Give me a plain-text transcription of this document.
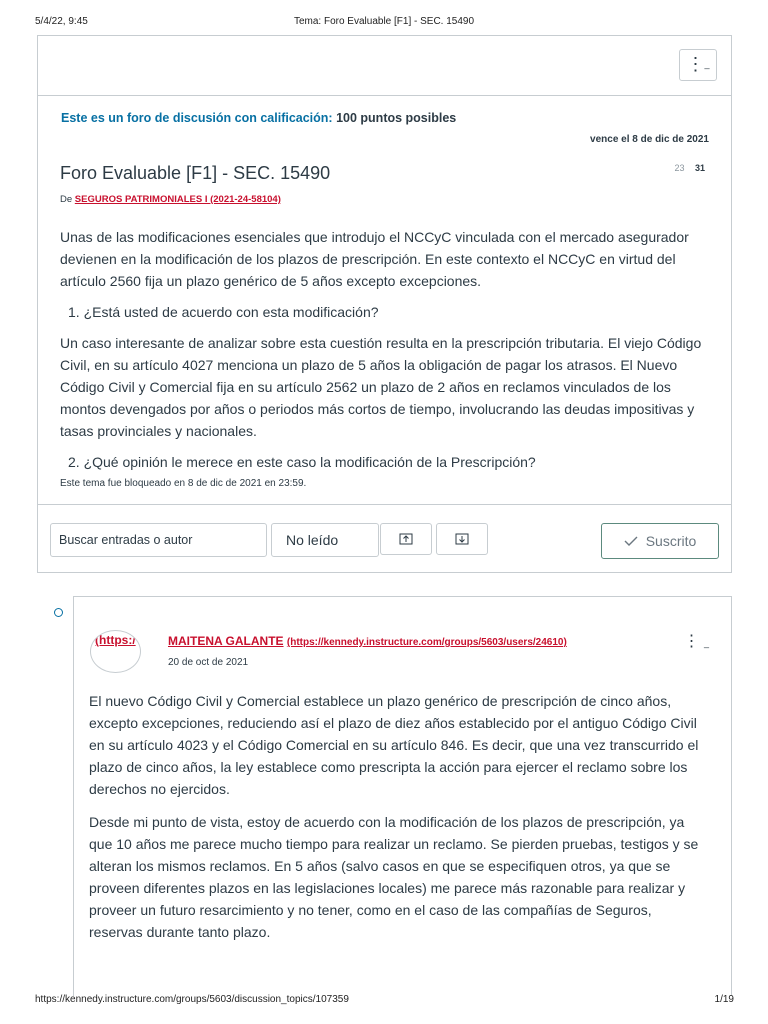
5/4/22, 9:45	Tema: Foro Evaluable [F1] - SEC. 15490
⋮_
Este es un foro de discusión con calificación: 100 puntos posibles
vence el 8 de dic de 2021
Foro Evaluable [F1] - SEC. 15490	23 31
De SEGUROS PATRIMONIALES I (2021-24-58104)

Unas de las modificaciones esenciales que introdujo el NCCyC vinculada con el mercado asegurador devienen en la modificación de los plazos de prescripción. En este contexto el NCCyC en virtud del artículo 2560 fija un plazo genérico de 5 años excepto excepciones.

1. ¿Está usted de acuerdo con esta modificación?

Un caso interesante de analizar sobre esta cuestión resulta en la prescripción tributaria. El viejo Código Civil, en su artículo 4027 menciona un plazo de 5 años la obligación de pagar los atrasos. El Nuevo Código Civil y Comercial fija en su artículo 2562 un plazo de 2 años en reclamos vinculados de los montos devengados por años o periodos más cortos de tiempo, involucrando las deudas impositivas y tasas provinciales y nacionales.

2. ¿Qué opinión le merece en este caso la modificación de la Prescripción?

Este tema fue bloqueado en 8 de dic de 2021 en 23:59.
Buscar entradas o autor	No leído	Suscrito
(https:/	MAITENA GALANTE (https://kennedy.instructure.com/groups/5603/users/24610)
20 de oct de 2021
⋮ _

El nuevo Código Civil y Comercial establece un plazo genérico de prescripción de cinco años, excepto excepciones, reduciendo así el plazo de diez años establecido por el antiguo Código Civil en su artículo 4023 y el Código Comercial en su artículo 846. Es decir, que una vez transcurrido el plazo de cinco años, la ley establece como prescripta la acción para ejercer el reclamo sobre los derechos no ejercidos.

Desde mi punto de vista, estoy de acuerdo con la modificación de los plazos de prescripción, ya que 10 años me parece mucho tiempo para realizar un reclamo. Se pierden pruebas, testigos y se alteran los mismos reclamos. En 5 años (salvo casos en que se especifiquen otros, ya que se proveen diferentes plazos en las legislaciones locales) me parece más razonable para realizar y proveer un futuro resarcimiento y no tener, como en el caso de las compañías de Seguros, reservas durante tanto plazo.

https://kennedy.instructure.com/groups/5603/discussion_topics/107359	1/19
